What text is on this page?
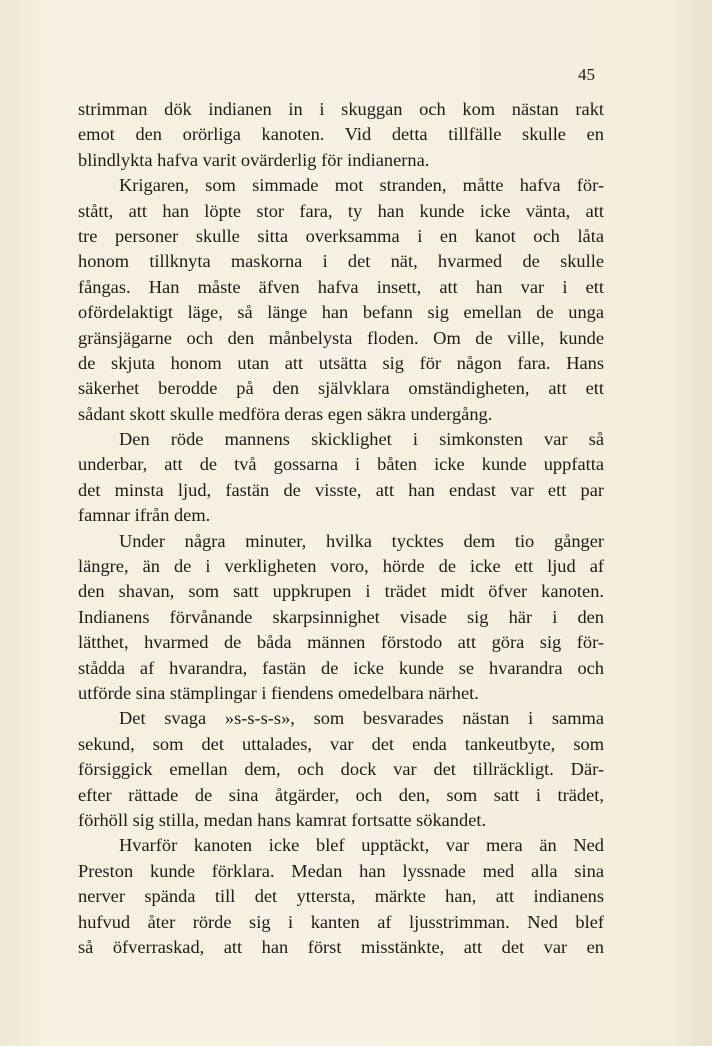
45
strimman dök indianen in i skuggan och kom nästan rakt
emot den orörliga kanoten. Vid detta tillfälle skulle en
blindlykta hafva varit ovärderlig för indianerna.
Krigaren, som simmade mot stranden, måtte hafva för-
stått, att han löpte stor fara, ty han kunde icke vänta, att
tre personer skulle sitta overksamma i en kanot och låta
honom tillknyta maskorna i det nät, hvarmed de skulle
fångas. Han måste äfven hafva insett, att han var i ett
ofördelaktigt läge, så länge han befann sig emellan de unga
gränsjägarne och den månbelysta floden. Om de ville, kunde
de skjuta honom utan att utsätta sig för någon fara. Hans
säkerhet berodde på den självklara omständigheten, att ett
sådant skott skulle medföra deras egen säkra undergång.
Den röde mannens skicklighet i simkonsten var så
underbar, att de två gossarna i båten icke kunde uppfatta
det minsta ljud, fastän de visste, att han endast var ett par
famnar ifrån dem.
Under några minuter, hvilka tycktes dem tio gånger
längre, än de i verkligheten voro, hörde de icke ett ljud af
den shavan, som satt uppkrupen i trädet midt öfver kanoten.
Indianens förvånande skarpsinnighet visade sig här i den
lätthet, hvarmed de båda männen förstodo att göra sig för-
stådda af hvarandra, fastän de icke kunde se hvarandra och
utförde sina stämplingar i fiendens omedelbara närhet.
Det svaga »s-s-s-s», som besvarades nästan i samma
sekund, som det uttalades, var det enda tankeutbyte, som
försiggick emellan dem, och dock var det tillräckligt. Där-
efter rättade de sina åtgärder, och den, som satt i trädet,
förhöll sig stilla, medan hans kamrat fortsatte sökandet.
Hvarför kanoten icke blef upptäckt, var mera än Ned
Preston kunde förklara. Medan han lyssnade med alla sina
nerver spända till det yttersta, märkte han, att indianens
hufvud åter rörde sig i kanten af ljusstrimman. Ned blef
så öfverraskad, att han först misstänkte, att det var en
